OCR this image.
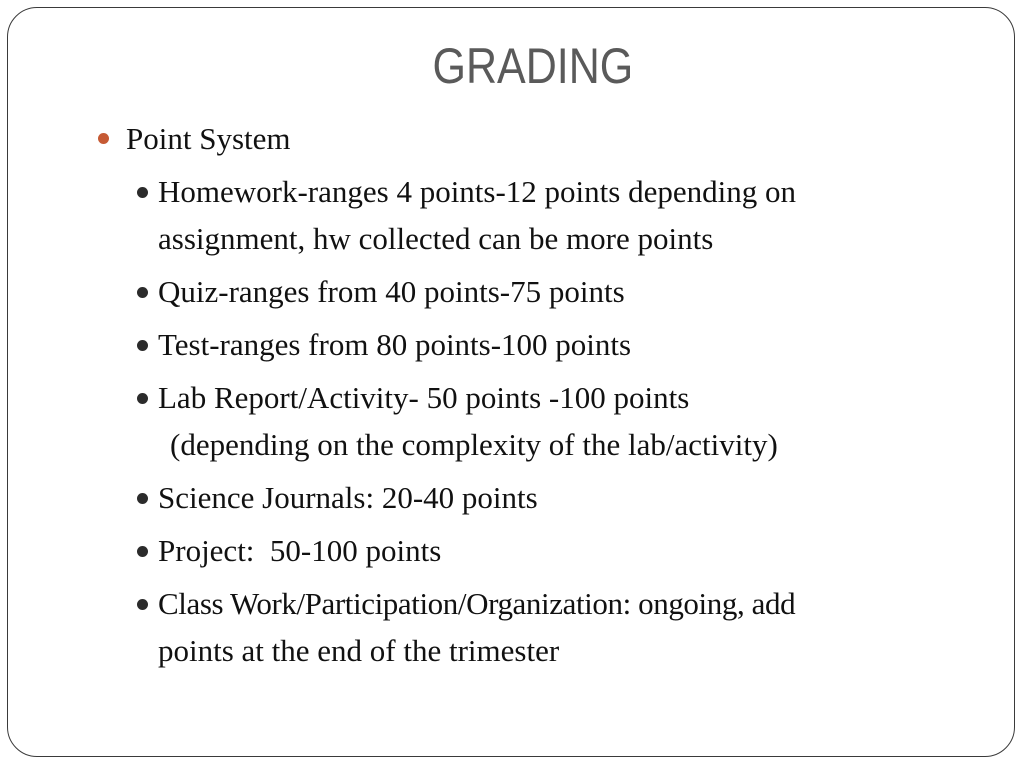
GRADING
Point System
Homework-ranges 4 points-12 points depending on
assignment, hw collected can be more points
Quiz-ranges from 40 points-75 points
Test-ranges from 80 points-100 points
Lab Report/Activity- 50 points -100 points
(depending on the complexity of the lab/activity)
Science Journals: 20-40 points
Project:  50-100 points
Class Work/Participation/Organization: ongoing, add
points at the end of the trimester
